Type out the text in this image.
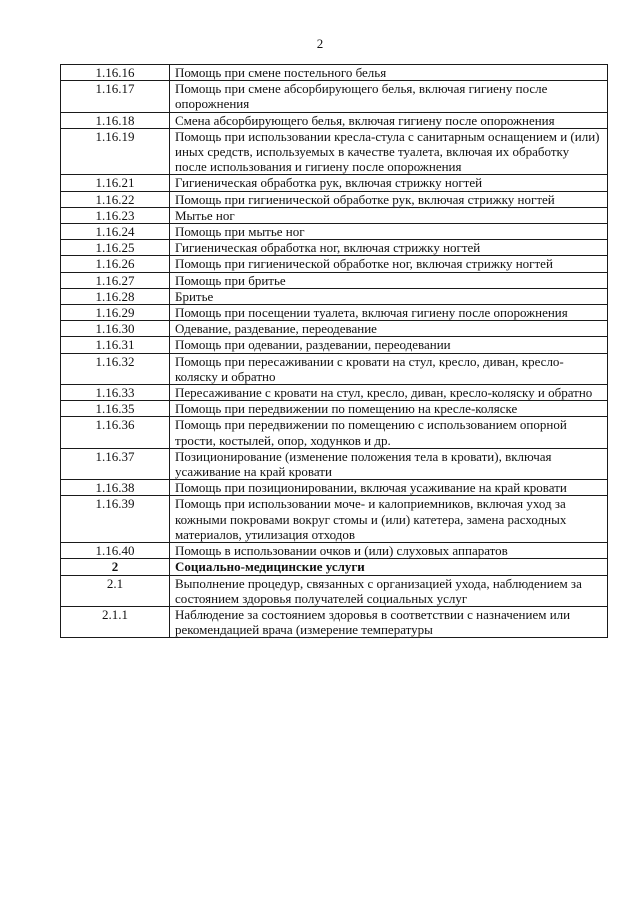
2
1.16.16	Помощь при смене постельного белья
1.16.17	Помощь при смене абсорбирующего белья, включая гигиену после опорожнения
1.16.18	Смена абсорбирующего белья, включая гигиену после опорожнения
1.16.19	Помощь при использовании кресла-стула с санитарным оснащением и (или) иных средств, используемых в качестве туалета, включая их обработку после использования и гигиену после опорожнения
1.16.21	Гигиеническая обработка рук, включая стрижку ногтей
1.16.22	Помощь при гигиенической обработке рук, включая стрижку ногтей
1.16.23	Мытье ног
1.16.24	Помощь при мытье ног
1.16.25	Гигиеническая обработка ног, включая стрижку ногтей
1.16.26	Помощь при гигиенической обработке ног, включая стрижку ногтей
1.16.27	Помощь при бритье
1.16.28	Бритье
1.16.29	Помощь при посещении туалета, включая гигиену после опорожнения
1.16.30	Одевание, раздевание, переодевание
1.16.31	Помощь при одевании, раздевании, переодевании
1.16.32	Помощь при пересаживании с кровати на стул, кресло, диван, кресло-коляску и обратно
1.16.33	Пересаживание с кровати на стул, кресло, диван, кресло-коляску и обратно
1.16.35	Помощь при передвижении по помещению на кресле-коляске
1.16.36	Помощь при передвижении по помещению с использованием опорной трости, костылей, опор, ходунков и др.
1.16.37	Позиционирование (изменение положения тела в кровати), включая усаживание на край кровати
1.16.38	Помощь при позиционировании, включая усаживание на край кровати
1.16.39	Помощь при использовании моче- и калоприемников, включая уход за кожными покровами вокруг стомы и (или) катетера, замена расходных материалов, утилизация отходов
1.16.40	Помощь в использовании очков и (или) слуховых аппаратов
2	Социально-медицинские услуги
2.1	Выполнение процедур, связанных с организацией ухода, наблюдением за состоянием здоровья получателей социальных услуг
2.1.1	Наблюдение за состоянием здоровья в соответствии с назначением или рекомендацией врача (измерение температуры
